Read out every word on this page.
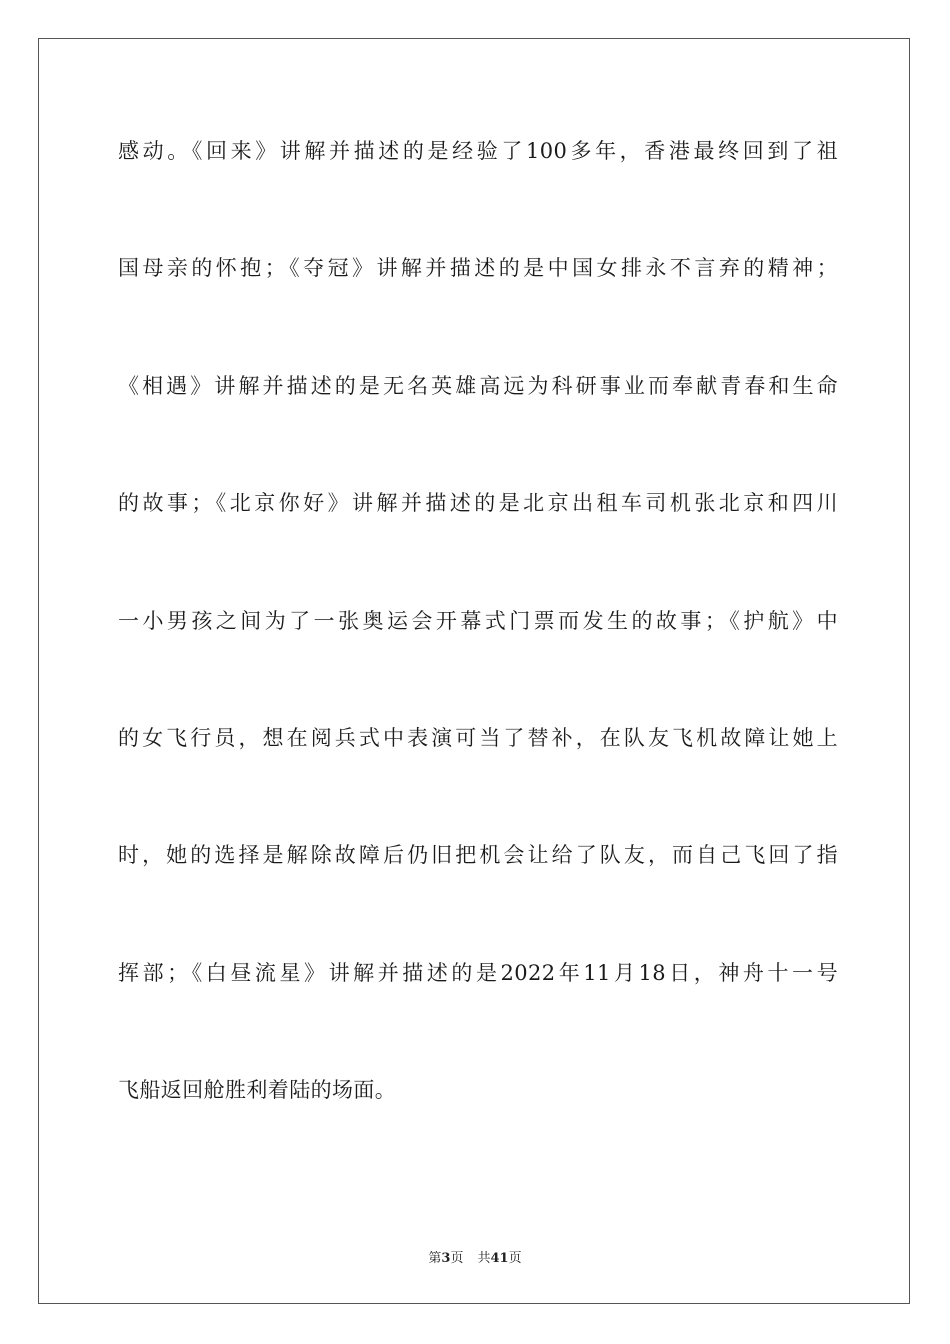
感动。《回来》讲解并描述的是经验了100多年，香港最终回到了祖
国母亲的怀抱；《夺冠》讲解并描述的是中国女排永不言弃的精神；
《相遇》讲解并描述的是无名英雄高远为科研事业而奉献青春和生命
的故事；《北京你好》讲解并描述的是北京出租车司机张北京和四川
一小男孩之间为了一张奥运会开幕式门票而发生的故事；《护航》中
的女飞行员，想在阅兵式中表演可当了替补，在队友飞机故障让她上
时，她的选择是解除故障后仍旧把机会让给了队友，而自己飞回了指
挥部；《白昼流星》讲解并描述的是2022年11月18日，神舟十一号
飞船返回舱胜利着陆的场面。
第3页 共41页
